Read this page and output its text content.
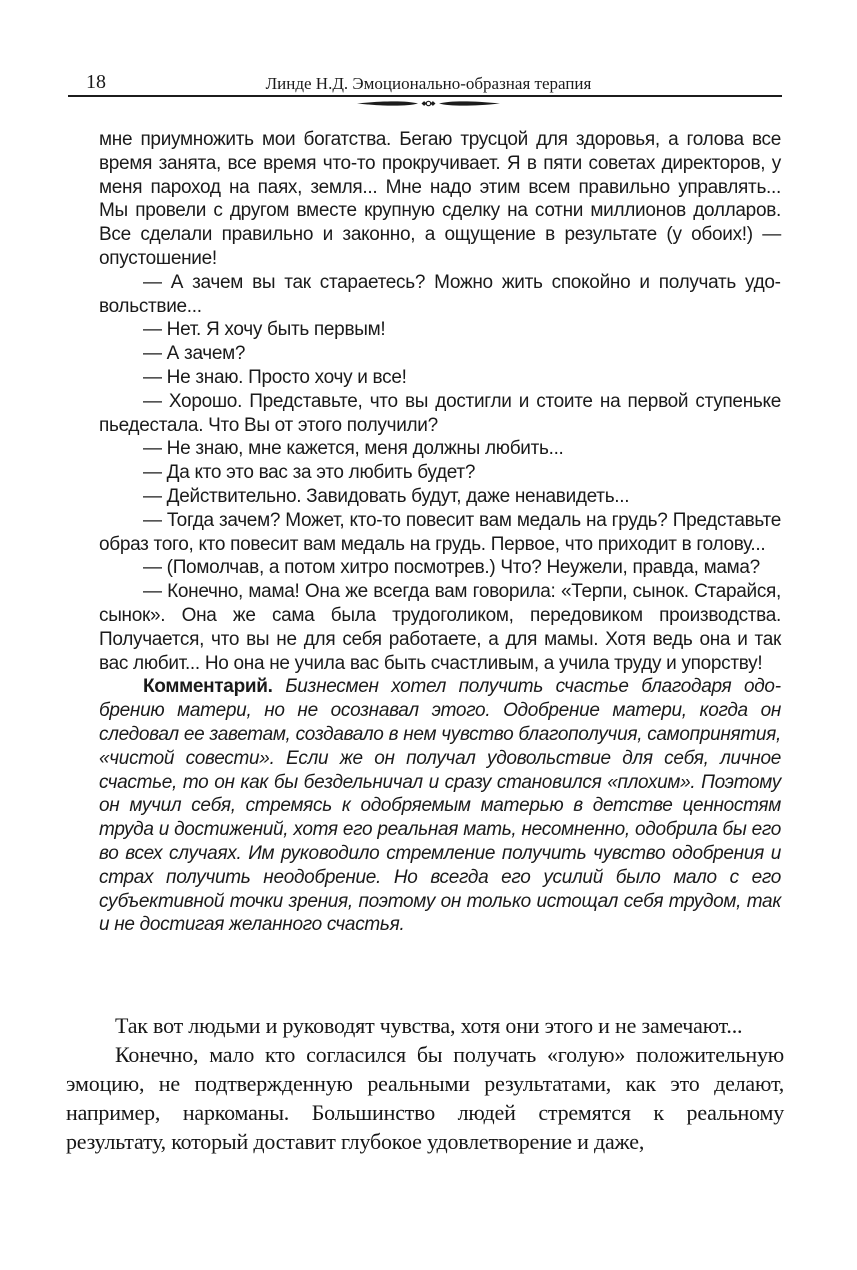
18	Линде Н.Д. Эмоционально-образная терапия

мне приумножить мои богатства. Бегаю трусцой для здоровья, а голова все время занята, все время что-то прокручивает. Я в пяти советах директоров, у меня пароход на паях, земля... Мне надо этим всем правильно управлять... Мы провели с другом вместе крупную сделку на сотни миллионов долларов. Все сделали правильно и законно, а ощущение в результате (у обоих!) — опустошение!

— А зачем вы так стараетесь? Можно жить спокойно и получать удовольствие...

— Нет. Я хочу быть первым!

— А зачем?

— Не знаю. Просто хочу и все!

— Хорошо. Представьте, что вы достигли и стоите на первой ступеньке пьедестала. Что Вы от этого получили?

— Не знаю, мне кажется, меня должны любить...

— Да кто это вас за это любить будет?

— Действительно. Завидовать будут, даже ненавидеть...

— Тогда зачем? Может, кто-то повесит вам медаль на грудь? Представьте образ того, кто повесит вам медаль на грудь. Первое, что приходит в голову...

— (Помолчав, а потом хитро посмотрев.) Что? Неужели, правда, мама?

— Конечно, мама! Она же всегда вам говорила: «Терпи, сынок. Старайся, сынок». Она же сама была трудоголиком, передовиком производства. Получается, что вы не для себя работаете, а для мамы. Хотя ведь она и так вас любит... Но она не учила вас быть счастливым, а учила труду и упорству!

Комментарий. Бизнесмен хотел получить счастье благодаря одобрению матери, но не осознавал этого. Одобрение матери, когда он следовал ее заветам, создавало в нем чувство благополучия, самопринятия, «чистой совести». Если же он получал удовольствие для себя, личное счастье, то он как бы бездельничал и сразу становился «плохим». Поэтому он мучил себя, стремясь к одобряемым матерью в детстве ценностям труда и достижений, хотя его реальная мать, несомненно, одобрила бы его во всех случаях. Им руководило стремление получить чувство одобрения и страх получить неодобрение. Но всегда его усилий было мало с его субъективной точки зрения, поэтому он только истощал себя трудом, так и не достигая желанного счастья.

Так вот людьми и руководят чувства, хотя они этого и не замечают...

Конечно, мало кто согласился бы получать «голую» положительную эмоцию, не подтвержденную реальными результатами, как это делают, например, наркоманы. Большинство людей стремятся к реальному результату, который доставит глубокое удовлетворение и даже,
